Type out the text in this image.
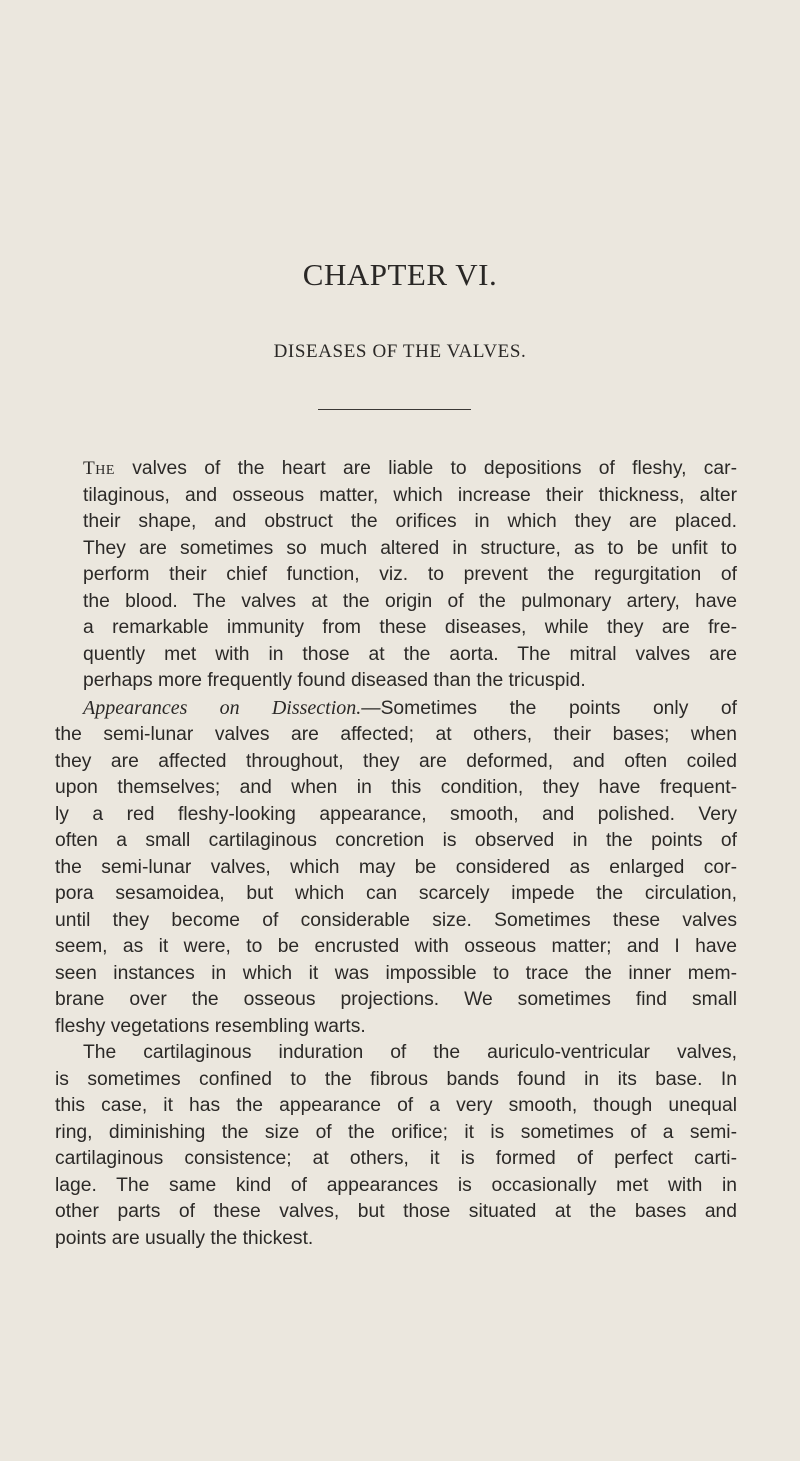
CHAPTER VI.
DISEASES OF THE VALVES.

The valves of the heart are liable to depositions of fleshy, car-
tilaginous, and osseous matter, which increase their thickness, alter
their shape, and obstruct the orifices in which they are placed.
They are sometimes so much altered in structure, as to be unfit to
perform their chief function, viz. to prevent the regurgitation of
the blood. The valves at the origin of the pulmonary artery, have
a remarkable immunity from these diseases, while they are fre-
quently met with in those at the aorta. The mitral valves are
perhaps more frequently found diseased than the tricuspid.

Appearances on Dissection.—Sometimes the points only of
the semi-lunar valves are affected; at others, their bases; when
they are affected throughout, they are deformed, and often coiled
upon themselves; and when in this condition, they have frequent-
ly a red fleshy-looking appearance, smooth, and polished. Very
often a small cartilaginous concretion is observed in the points of
the semi-lunar valves, which may be considered as enlarged cor-
pora sesamoidea, but which can scarcely impede the circulation,
until they become of considerable size. Sometimes these valves
seem, as it were, to be encrusted with osseous matter; and I have
seen instances in which it was impossible to trace the inner mem-
brane over the osseous projections. We sometimes find small
fleshy vegetations resembling warts.

The cartilaginous induration of the auriculo-ventricular valves,
is sometimes confined to the fibrous bands found in its base. In
this case, it has the appearance of a very smooth, though unequal
ring, diminishing the size of the orifice; it is sometimes of a semi-
cartilaginous consistence; at others, it is formed of perfect carti-
lage. The same kind of appearances is occasionally met with in
other parts of these valves, but those situated at the bases and
points are usually the thickest.
